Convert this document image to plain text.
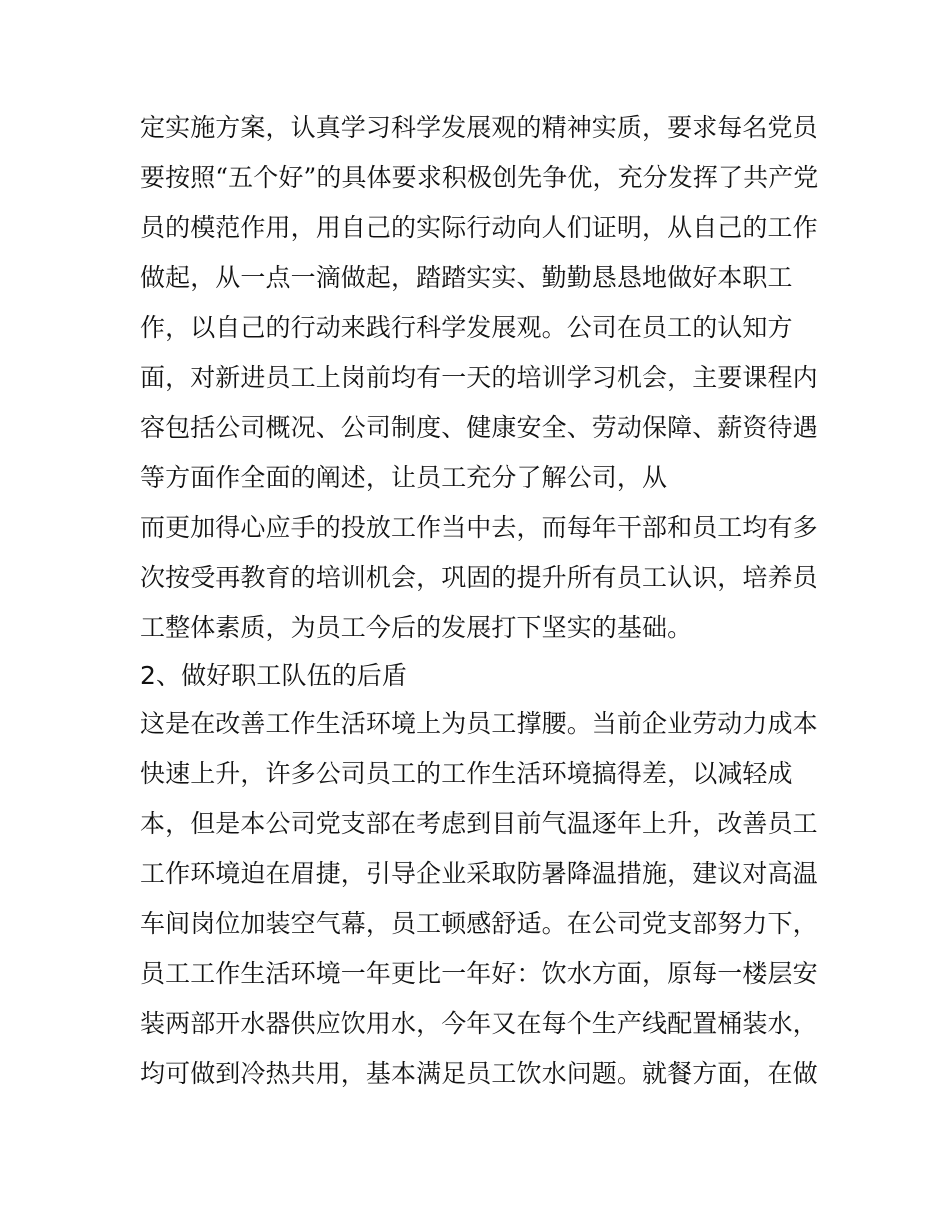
定实施方案，认真学习科学发展观的精神实质，要求每名党员

要按照“五个好”的具体要求积极创先争优，充分发挥了共产党

员的模范作用，用自己的实际行动向人们证明，从自己的工作

做起，从一点一滴做起，踏踏实实、勤勤恳恳地做好本职工

作，以自己的行动来践行科学发展观。公司在员工的认知方

面，对新进员工上岗前均有一天的培训学习机会，主要课程内

容包括公司概况、公司制度、健康安全、劳动保障、薪资待遇

等方面作全面的阐述，让员工充分了解公司，从

而更加得心应手的投放工作当中去，而每年干部和员工均有多

次按受再教育的培训机会，巩固的提升所有员工认识，培养员

工整体素质，为员工今后的发展打下坚实的基础。

2、做好职工队伍的后盾

这是在改善工作生活环境上为员工撑腰。当前企业劳动力成本

快速上升，许多公司员工的工作生活环境搞得差，以减轻成

本，但是本公司党支部在考虑到目前气温逐年上升，改善员工

工作环境迫在眉捷，引导企业采取防暑降温措施，建议对高温

车间岗位加装空气幕，员工顿感舒适。在公司党支部努力下，

员工工作生活环境一年更比一年好：饮水方面，原每一楼层安

装两部开水器供应饮用水，今年又在每个生产线配置桶装水，

均可做到冷热共用，基本满足员工饮水问题。就餐方面，在做
